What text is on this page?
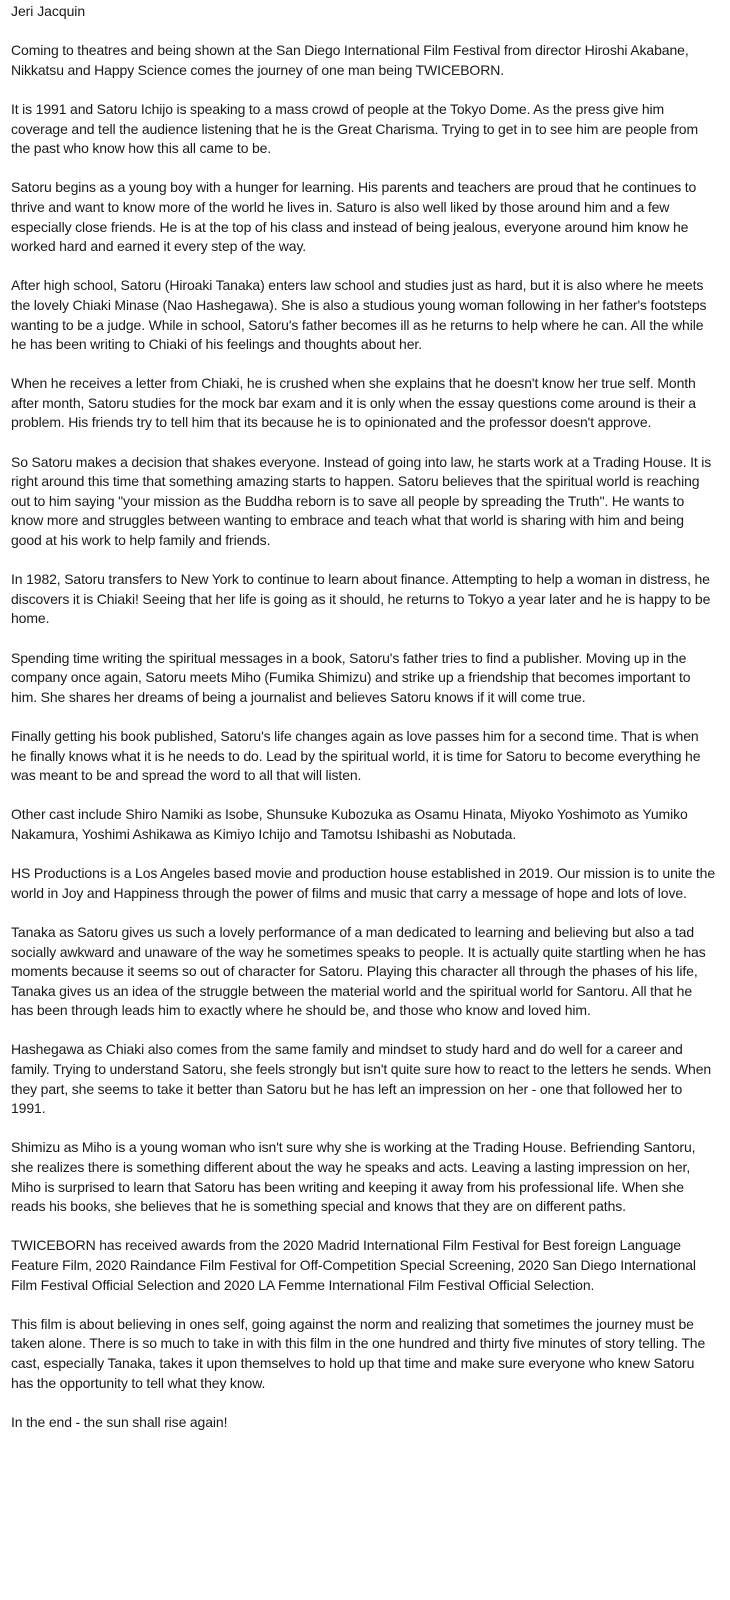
Jeri Jacquin

Coming to theatres and being shown at the San Diego International Film Festival from director Hiroshi Akabane, Nikkatsu and Happy Science comes the journey of one man being TWICEBORN.

It is 1991 and Satoru Ichijo is speaking to a mass crowd of people at the Tokyo Dome. As the press give him coverage and tell the audience listening that he is the Great Charisma. Trying to get in to see him are people from the past who know how this all came to be.

Satoru begins as a young boy with a hunger for learning. His parents and teachers are proud that he continues to thrive and want to know more of the world he lives in. Saturo is also well liked by those around him and a few especially close friends. He is at the top of his class and instead of being jealous, everyone around him know he worked hard and earned it every step of the way.

After high school, Satoru (Hiroaki Tanaka) enters law school and studies just as hard, but it is also where he meets the lovely Chiaki Minase (Nao Hashegawa). She is also a studious young woman following in her father's footsteps wanting to be a judge. While in school, Satoru's father becomes ill as he returns to help where he can. All the while he has been writing to Chiaki of his feelings and thoughts about her.

When he receives a letter from Chiaki, he is crushed when she explains that he doesn't know her true self. Month after month, Satoru studies for the mock bar exam and it is only when the essay questions come around is their a problem. His friends try to tell him that its because he is to opinionated and the professor doesn't approve.

So Satoru makes a decision that shakes everyone. Instead of going into law, he starts work at a Trading House. It is right around this time that something amazing starts to happen. Satoru believes that the spiritual world is reaching out to him saying "your mission as the Buddha reborn is to save all people by spreading the Truth". He wants to know more and struggles between wanting to embrace and teach what that world is sharing with him and being good at his work to help family and friends.

In 1982, Satoru transfers to New York to continue to learn about finance. Attempting to help a woman in distress, he discovers it is Chiaki! Seeing that her life is going as it should, he returns to Tokyo a year later and he is happy to be home.

Spending time writing the spiritual messages in a book, Satoru's father tries to find a publisher. Moving up in the company once again, Satoru meets Miho (Fumika Shimizu) and strike up a friendship that becomes important to him. She shares her dreams of being a journalist and believes Satoru knows if it will come true.

Finally getting his book published, Satoru's life changes again as love passes him for a second time. That is when he finally knows what it is he needs to do. Lead by the spiritual world, it is time for Satoru to become everything he was meant to be and spread the word to all that will listen.

Other cast include Shiro Namiki as Isobe, Shunsuke Kubozuka as Osamu Hinata, Miyoko Yoshimoto as Yumiko Nakamura, Yoshimi Ashikawa as Kimiyo Ichijo and Tamotsu Ishibashi as Nobutada.

HS Productions is a Los Angeles based movie and production house established in 2019. Our mission is to unite the world in Joy and Happiness through the power of films and music that carry a message of hope and lots of love.

Tanaka as Satoru gives us such a lovely performance of a man dedicated to learning and believing but also a tad socially awkward and unaware of the way he sometimes speaks to people. It is actually quite startling when he has moments because it seems so out of character for Satoru. Playing this character all through the phases of his life, Tanaka gives us an idea of the struggle between the material world and the spiritual world for Santoru. All that he has been through leads him to exactly where he should be, and those who know and loved him.

Hashegawa as Chiaki also comes from the same family and mindset to study hard and do well for a career and family. Trying to understand Satoru, she feels strongly but isn't quite sure how to react to the letters he sends. When they part, she seems to take it better than Satoru but he has left an impression on her - one that followed her to 1991.

Shimizu as Miho is a young woman who isn't sure why she is working at the Trading House. Befriending Santoru, she realizes there is something different about the way he speaks and acts. Leaving a lasting impression on her, Miho is surprised to learn that Satoru has been writing and keeping it away from his professional life. When she reads his books, she believes that he is something special and knows that they are on different paths.

TWICEBORN has received awards from the 2020 Madrid International Film Festival for Best foreign Language Feature Film, 2020 Raindance Film Festival for Off-Competition Special Screening, 2020 San Diego International Film Festival Official Selection and 2020 LA Femme International Film Festival Official Selection.

This film is about believing in ones self, going against the norm and realizing that sometimes the journey must be taken alone. There is so much to take in with this film in the one hundred and thirty five minutes of story telling. The cast, especially Tanaka, takes it upon themselves to hold up that time and make sure everyone who knew Satoru has the opportunity to tell what they know.

In the end - the sun shall rise again!
